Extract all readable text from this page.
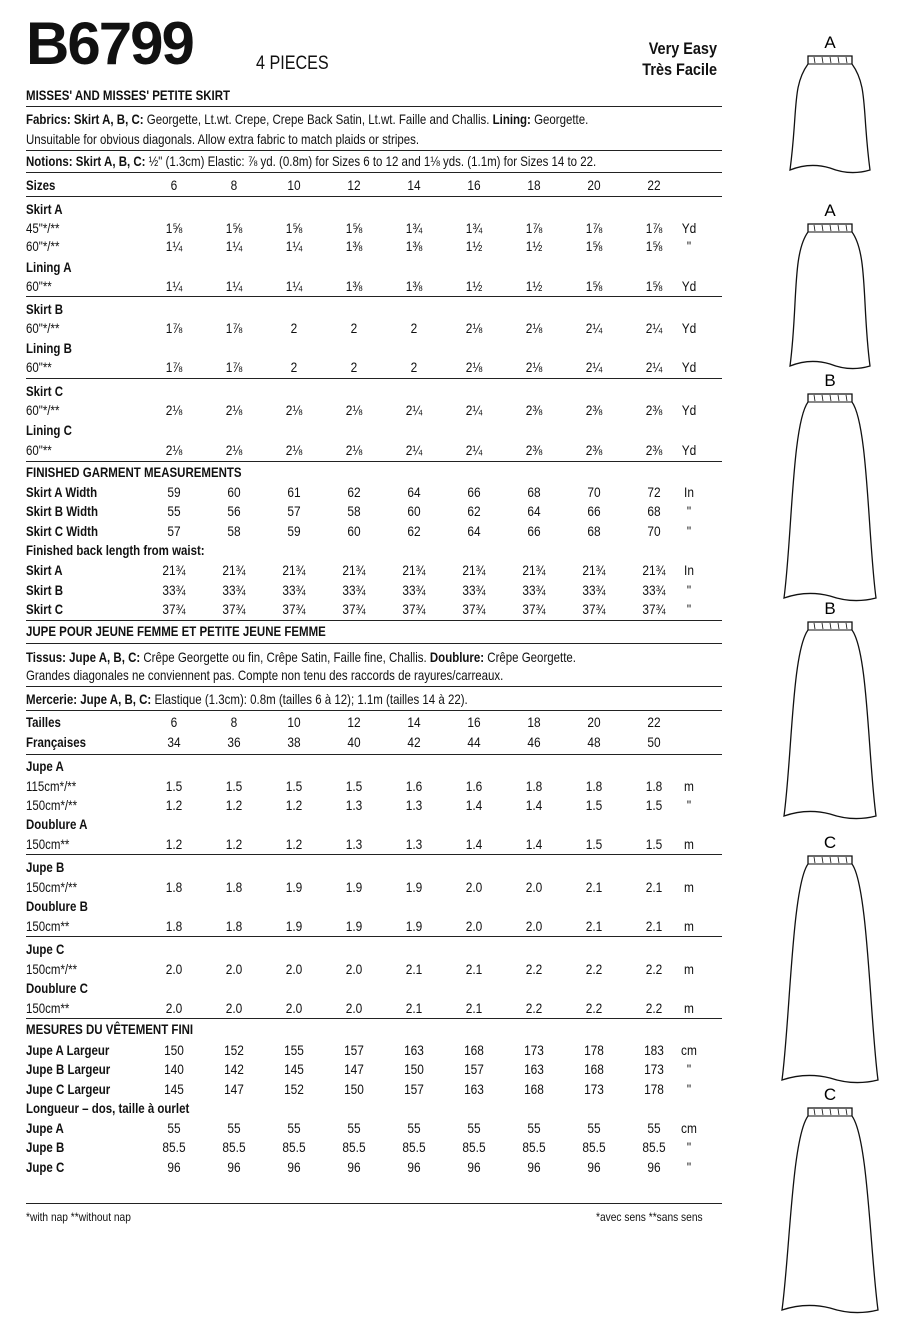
B6799	4 PIECES
Very Easy
Très Facile
MISSES' AND MISSES' PETITE SKIRT
Fabrics: Skirt A, B, C: Georgette, Lt.wt. Crepe, Crepe Back Satin, Lt.wt. Faille and Challis. Lining: Georgette.
Unsuitable for obvious diagonals. Allow extra fabric to match plaids or stripes.
Notions: Skirt A, B, C: ½" (1.3cm) Elastic: ⅞ yd. (0.8m) for Sizes 6 to 12 and 1⅛ yds. (1.1m) for Sizes 14 to 22.
Sizes	6	8	10	12	14	16	18	20	22
Skirt A
45"*/**	1⅝	1⅝	1⅝	1⅝	1¾	1¾	1⅞	1⅞	1⅞	Yd
60"*/**	1¼	1¼	1¼	1⅜	1⅜	1½	1½	1⅝	1⅝	"
Lining A
60"**	1¼	1¼	1¼	1⅜	1⅜	1½	1½	1⅝	1⅝	Yd
Skirt B
60"*/**	1⅞	1⅞	2	2	2	2⅛	2⅛	2¼	2¼	Yd
Lining B
60"**	1⅞	1⅞	2	2	2	2⅛	2⅛	2¼	2¼	Yd
Skirt C
60"*/**	2⅛	2⅛	2⅛	2⅛	2¼	2¼	2⅜	2⅜	2⅜	Yd
Lining C
60"**	2⅛	2⅛	2⅛	2⅛	2¼	2¼	2⅜	2⅜	2⅜	Yd
FINISHED GARMENT MEASUREMENTS
Skirt A Width	59	60	61	62	64	66	68	70	72	In
Skirt B Width	55	56	57	58	60	62	64	66	68	"
Skirt C Width	57	58	59	60	62	64	66	68	70	"
Finished back length from waist:
Skirt A	21¾	21¾	21¾	21¾	21¾	21¾	21¾	21¾	21¾	In
Skirt B	33¾	33¾	33¾	33¾	33¾	33¾	33¾	33¾	33¾	"
Skirt C	37¾	37¾	37¾	37¾	37¾	37¾	37¾	37¾	37¾	"
JUPE POUR JEUNE FEMME ET PETITE JEUNE FEMME
Tissus: Jupe A, B, C: Crêpe Georgette ou fin, Crêpe Satin, Faille fine, Challis. Doublure: Crêpe Georgette.
Grandes diagonales ne conviennent pas. Compte non tenu des raccords de rayures/carreaux.
Mercerie: Jupe A, B, C: Elastique (1.3cm): 0.8m (tailles 6 à 12); 1.1m (tailles 14 à 22).
Tailles	6	8	10	12	14	16	18	20	22
Françaises	34	36	38	40	42	44	46	48	50
Jupe A
115cm*/**	1.5	1.5	1.5	1.5	1.6	1.6	1.8	1.8	1.8	m
150cm*/**	1.2	1.2	1.2	1.3	1.3	1.4	1.4	1.5	1.5	"
Doublure A
150cm**	1.2	1.2	1.2	1.3	1.3	1.4	1.4	1.5	1.5	m
Jupe B
150cm*/**	1.8	1.8	1.9	1.9	1.9	2.0	2.0	2.1	2.1	m
Doublure B
150cm**	1.8	1.8	1.9	1.9	1.9	2.0	2.0	2.1	2.1	m
Jupe C
150cm*/**	2.0	2.0	2.0	2.0	2.1	2.1	2.2	2.2	2.2	m
Doublure C
150cm**	2.0	2.0	2.0	2.0	2.1	2.1	2.2	2.2	2.2	m
MESURES DU VÊTEMENT FINI
Jupe A Largeur	150	152	155	157	163	168	173	178	183	cm
Jupe B Largeur	140	142	145	147	150	157	163	168	173	"
Jupe C Largeur	145	147	152	150	157	163	168	173	178	"
Longueur – dos, taille à ourlet
Jupe A	55	55	55	55	55	55	55	55	55	cm
Jupe B	85.5	85.5	85.5	85.5	85.5	85.5	85.5	85.5	85.5	"
Jupe C	96	96	96	96	96	96	96	96	96	"
*with nap **without nap	*avec sens **sans sens
A
A
B
B
C
C
